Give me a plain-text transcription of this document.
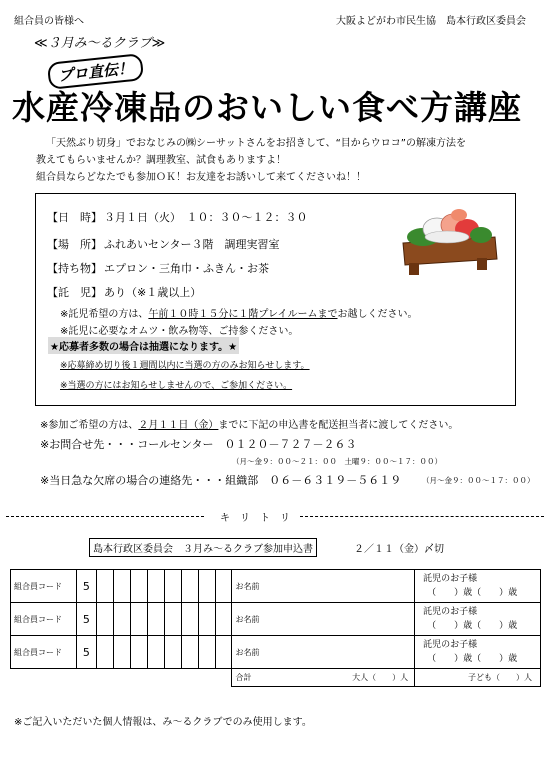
組合員の皆様へ	大阪よどがわ市民生協　島本行政区委員会
≪３月み～るクラブ≫
プロ直伝！
水産冷凍品のおいしい食べ方講座
「天然ぶり切身」でおなじみの㈱シーサットさんをお招きして、“目からウロコ”の解凍方法を
教えてもらいませんか？調理教室、試食もありますよ！
組合員ならどなたでも参加ＯＫ！お友達をお誘いして来てくださいね！！
【日　時】 ３月１日（火）　１０：３０～１２：３０
【場　所】 ふれあいセンター３階　調理実習室
【持ち物】 エプロン・三角巾・ふきん・お茶
【託　児】 あり（※１歳以上）
※託児希望の方は、午前１０時１５分に１階プレイルームまでお越しください。
※託児に必要なオムツ・飲み物等、ご持参ください。
★応募者多数の場合は抽選になります。★
※応募締め切り後１週間以内に当選の方のみお知らせします。
※当選の方にはお知らせしませんので、ご参加ください。
※参加ご希望の方は、２月１１日（金）までに下記の申込書を配送担当者に渡してください。
※お問合せ先・・・コールセンター　０１２０－７２７－２６３
（月～金９：００～２１：００　土曜９：００～１７：００）
※当日急な欠席の場合の連絡先・・・組織部　０６－６３１９－５６１９	（月～金９：００～１７：００）
キ　リ　ト　リ
島本行政区委員会　３月み～るクラブ参加申込書	２／１１（金）〆切
組合員コード	5									お名前	託児のお子様
（　　）歳（　　）歳

組合員コード	5									お名前	託児のお子様
（　　）歳（　　）歳

組合員コード	5									お名前	託児のお子様
（　　）歳（　　）歳

										合計 大人（　　）人	子ども（　　）人
※ご記入いただいた個人情報は、み～るクラブでのみ使用します。
